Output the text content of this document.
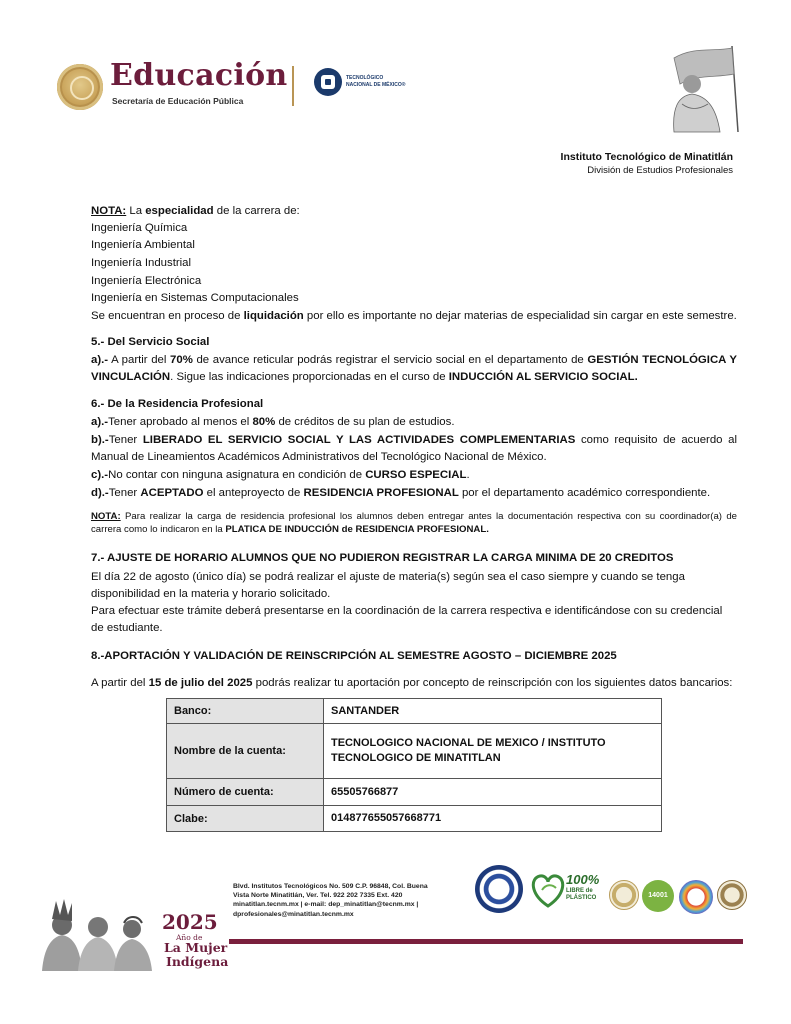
Educación
Secretaría de Educación Pública
TECNOLÓGICO
NACIONAL DE MÉXICO®
Instituto Tecnológico de Minatitlán
División de Estudios Profesionales
NOTA: La especialidad de la carrera de:
Ingeniería Química
Ingeniería Ambiental
Ingeniería Industrial
Ingeniería Electrónica
Ingeniería en Sistemas Computacionales
Se encuentran en proceso de liquidación por ello es importante no dejar materias de especialidad sin cargar en este semestre.
5.- Del Servicio Social
a).- A partir del 70% de avance reticular podrás registrar el servicio social en el departamento de GESTIÓN TECNOLÓGICA Y VINCULACIÓN. Sigue las indicaciones proporcionadas en el curso de INDUCCIÓN AL SERVICIO SOCIAL.
6.- De la Residencia Profesional
a).-Tener aprobado al menos el 80% de créditos de su plan de estudios.
b).-Tener LIBERADO EL SERVICIO SOCIAL Y LAS ACTIVIDADES COMPLEMENTARIAS como requisito de acuerdo al Manual de Lineamientos Académicos Administrativos del Tecnológico Nacional de México.
c).-No contar con ninguna asignatura en condición de CURSO ESPECIAL.
d).-Tener ACEPTADO el anteproyecto de RESIDENCIA PROFESIONAL por el departamento académico correspondiente.
NOTA: Para realizar la carga de residencia profesional los alumnos deben entregar antes la documentación respectiva con su coordinador(a) de carrera como lo indicaron en la PLATICA DE INDUCCIÓN de RESIDENCIA PROFESIONAL.
7.- AJUSTE DE HORARIO ALUMNOS QUE NO PUDIERON REGISTRAR LA CARGA MINIMA DE 20 CREDITOS
El día 22 de agosto (único día) se podrá realizar el ajuste de materia(s) según sea el caso siempre y cuando se tenga disponibilidad en la materia y horario solicitado.
Para efectuar este trámite deberá presentarse en la coordinación de la carrera respectiva e identificándose con su credencial de estudiante.
8.-APORTACIÓN Y VALIDACIÓN DE REINSCRIPCIÓN AL SEMESTRE AGOSTO – DICIEMBRE 2025
A partir del 15 de julio del 2025 podrás realizar tu aportación por concepto de reinscripción con los siguientes datos bancarios:
Banco:	SANTANDER
Nombre de la cuenta:	TECNOLOGICO NACIONAL DE MEXICO / INSTITUTO TECNOLOGICO DE MINATITLAN
Número de cuenta:	65505766877
Clabe:	014877655057668771
2025
Año de
La Mujer
Indígena
Blvd. Institutos Tecnológicos No. 509 C.P. 96848, Col. Buena
Vista Norte Minatitlán, Ver. Tel. 922 202 7335 Ext. 420
minatitlan.tecnm.mx | e-mail: dep_minatitlan@tecnm.mx |
dprofesionales@minatitlan.tecnm.mx
100%
LIBRE de PLÁSTICO	14001
